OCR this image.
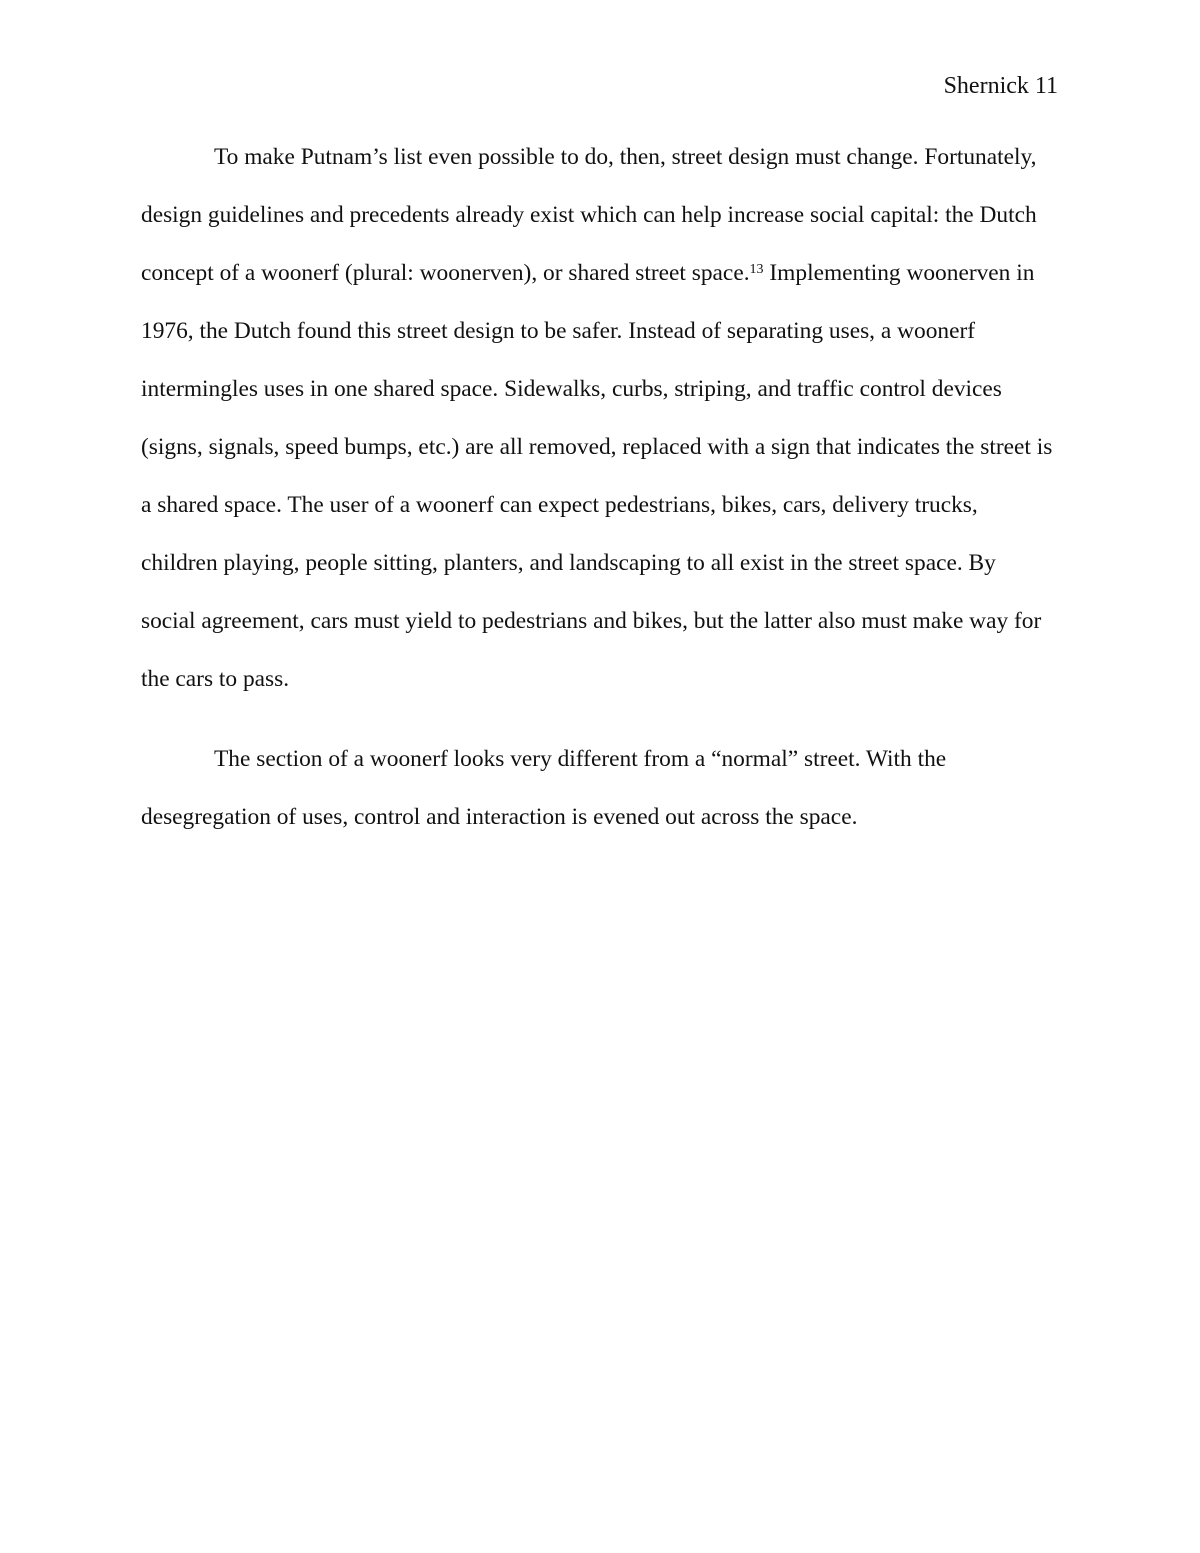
Shernick 11
To make Putnam’s list even possible to do, then, street design must change. Fortunately,
design guidelines and precedents already exist which can help increase social capital: the Dutch
concept of a woonerf (plural: woonerven), or shared street space.$^{13}$ Implementing woonerven in
1976, the Dutch found this street design to be safer. Instead of separating uses, a woonerf
intermingles uses in one shared space. Sidewalks, curbs, striping, and traffic control devices
(signs, signals, speed bumps, etc.) are all removed, replaced with a sign that indicates the street is
a shared space. The user of a woonerf can expect pedestrians, bikes, cars, delivery trucks,
children playing, people sitting, planters, and landscaping to all exist in the street space. By
social agreement, cars must yield to pedestrians and bikes, but the latter also must make way for
the cars to pass.
The section of a woonerf looks very different from a “normal” street. With the
desegregation of uses, control and interaction is evened out across the space.
